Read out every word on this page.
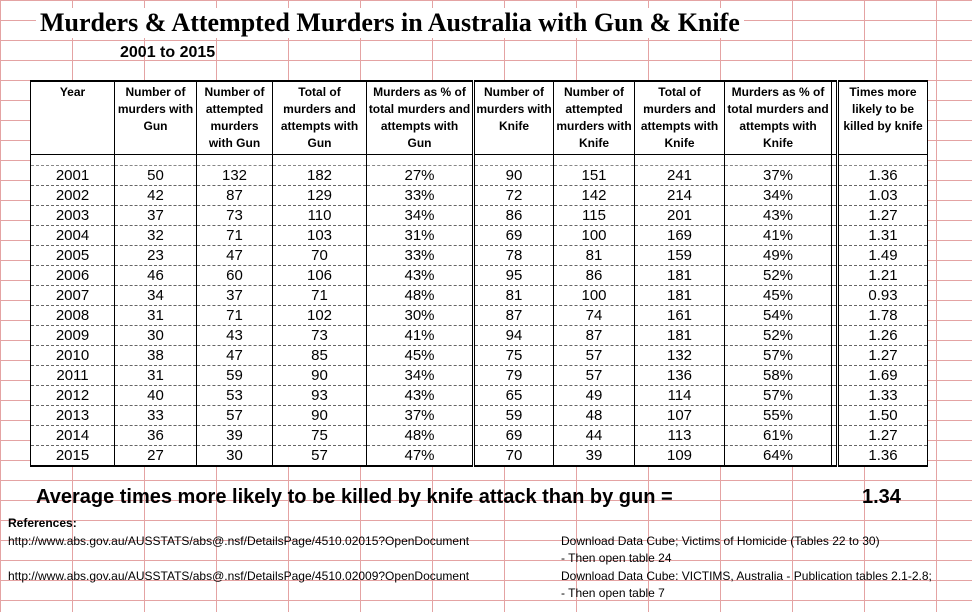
Murders & Attempted Murders in Australia with Gun & Knife
2001 to 2015
Year	Number of murders with Gun	Number of attempted murders with Gun	Total of murders and attempts with Gun	Murders as % of total murders and attempts with Gun	Number of murders with Knife	Number of attempted murders with Knife	Total of murders and attempts with Knife	Murders as % of total murders and attempts with Knife		Times more likely to be killed by knife

2001	50	132	182	27%	90	151	241	37%		1.36
2002	42	87	129	33%	72	142	214	34%		1.03
2003	37	73	110	34%	86	115	201	43%		1.27
2004	32	71	103	31%	69	100	169	41%		1.31
2005	23	47	70	33%	78	81	159	49%		1.49
2006	46	60	106	43%	95	86	181	52%		1.21
2007	34	37	71	48%	81	100	181	45%		0.93
2008	31	71	102	30%	87	74	161	54%		1.78
2009	30	43	73	41%	94	87	181	52%		1.26
2010	38	47	85	45%	75	57	132	57%		1.27
2011	31	59	90	34%	79	57	136	58%		1.69
2012	40	53	93	43%	65	49	114	57%		1.33
2013	33	57	90	37%	59	48	107	55%		1.50
2014	36	39	75	48%	69	44	113	61%		1.27
2015	27	30	57	47%	70	39	109	64%		1.36
Average times more likely to be killed by knife attack than by gun =	1.34
References:
http://www.abs.gov.au/AUSSTATS/abs@.nsf/DetailsPage/4510.02015?OpenDocument	Download Data Cube; Victims of Homicide (Tables 22 to 30)
- Then open table 24
http://www.abs.gov.au/AUSSTATS/abs@.nsf/DetailsPage/4510.02009?OpenDocument	Download Data Cube: VICTIMS, Australia - Publication tables 2.1-2.8;
- Then open table 7
